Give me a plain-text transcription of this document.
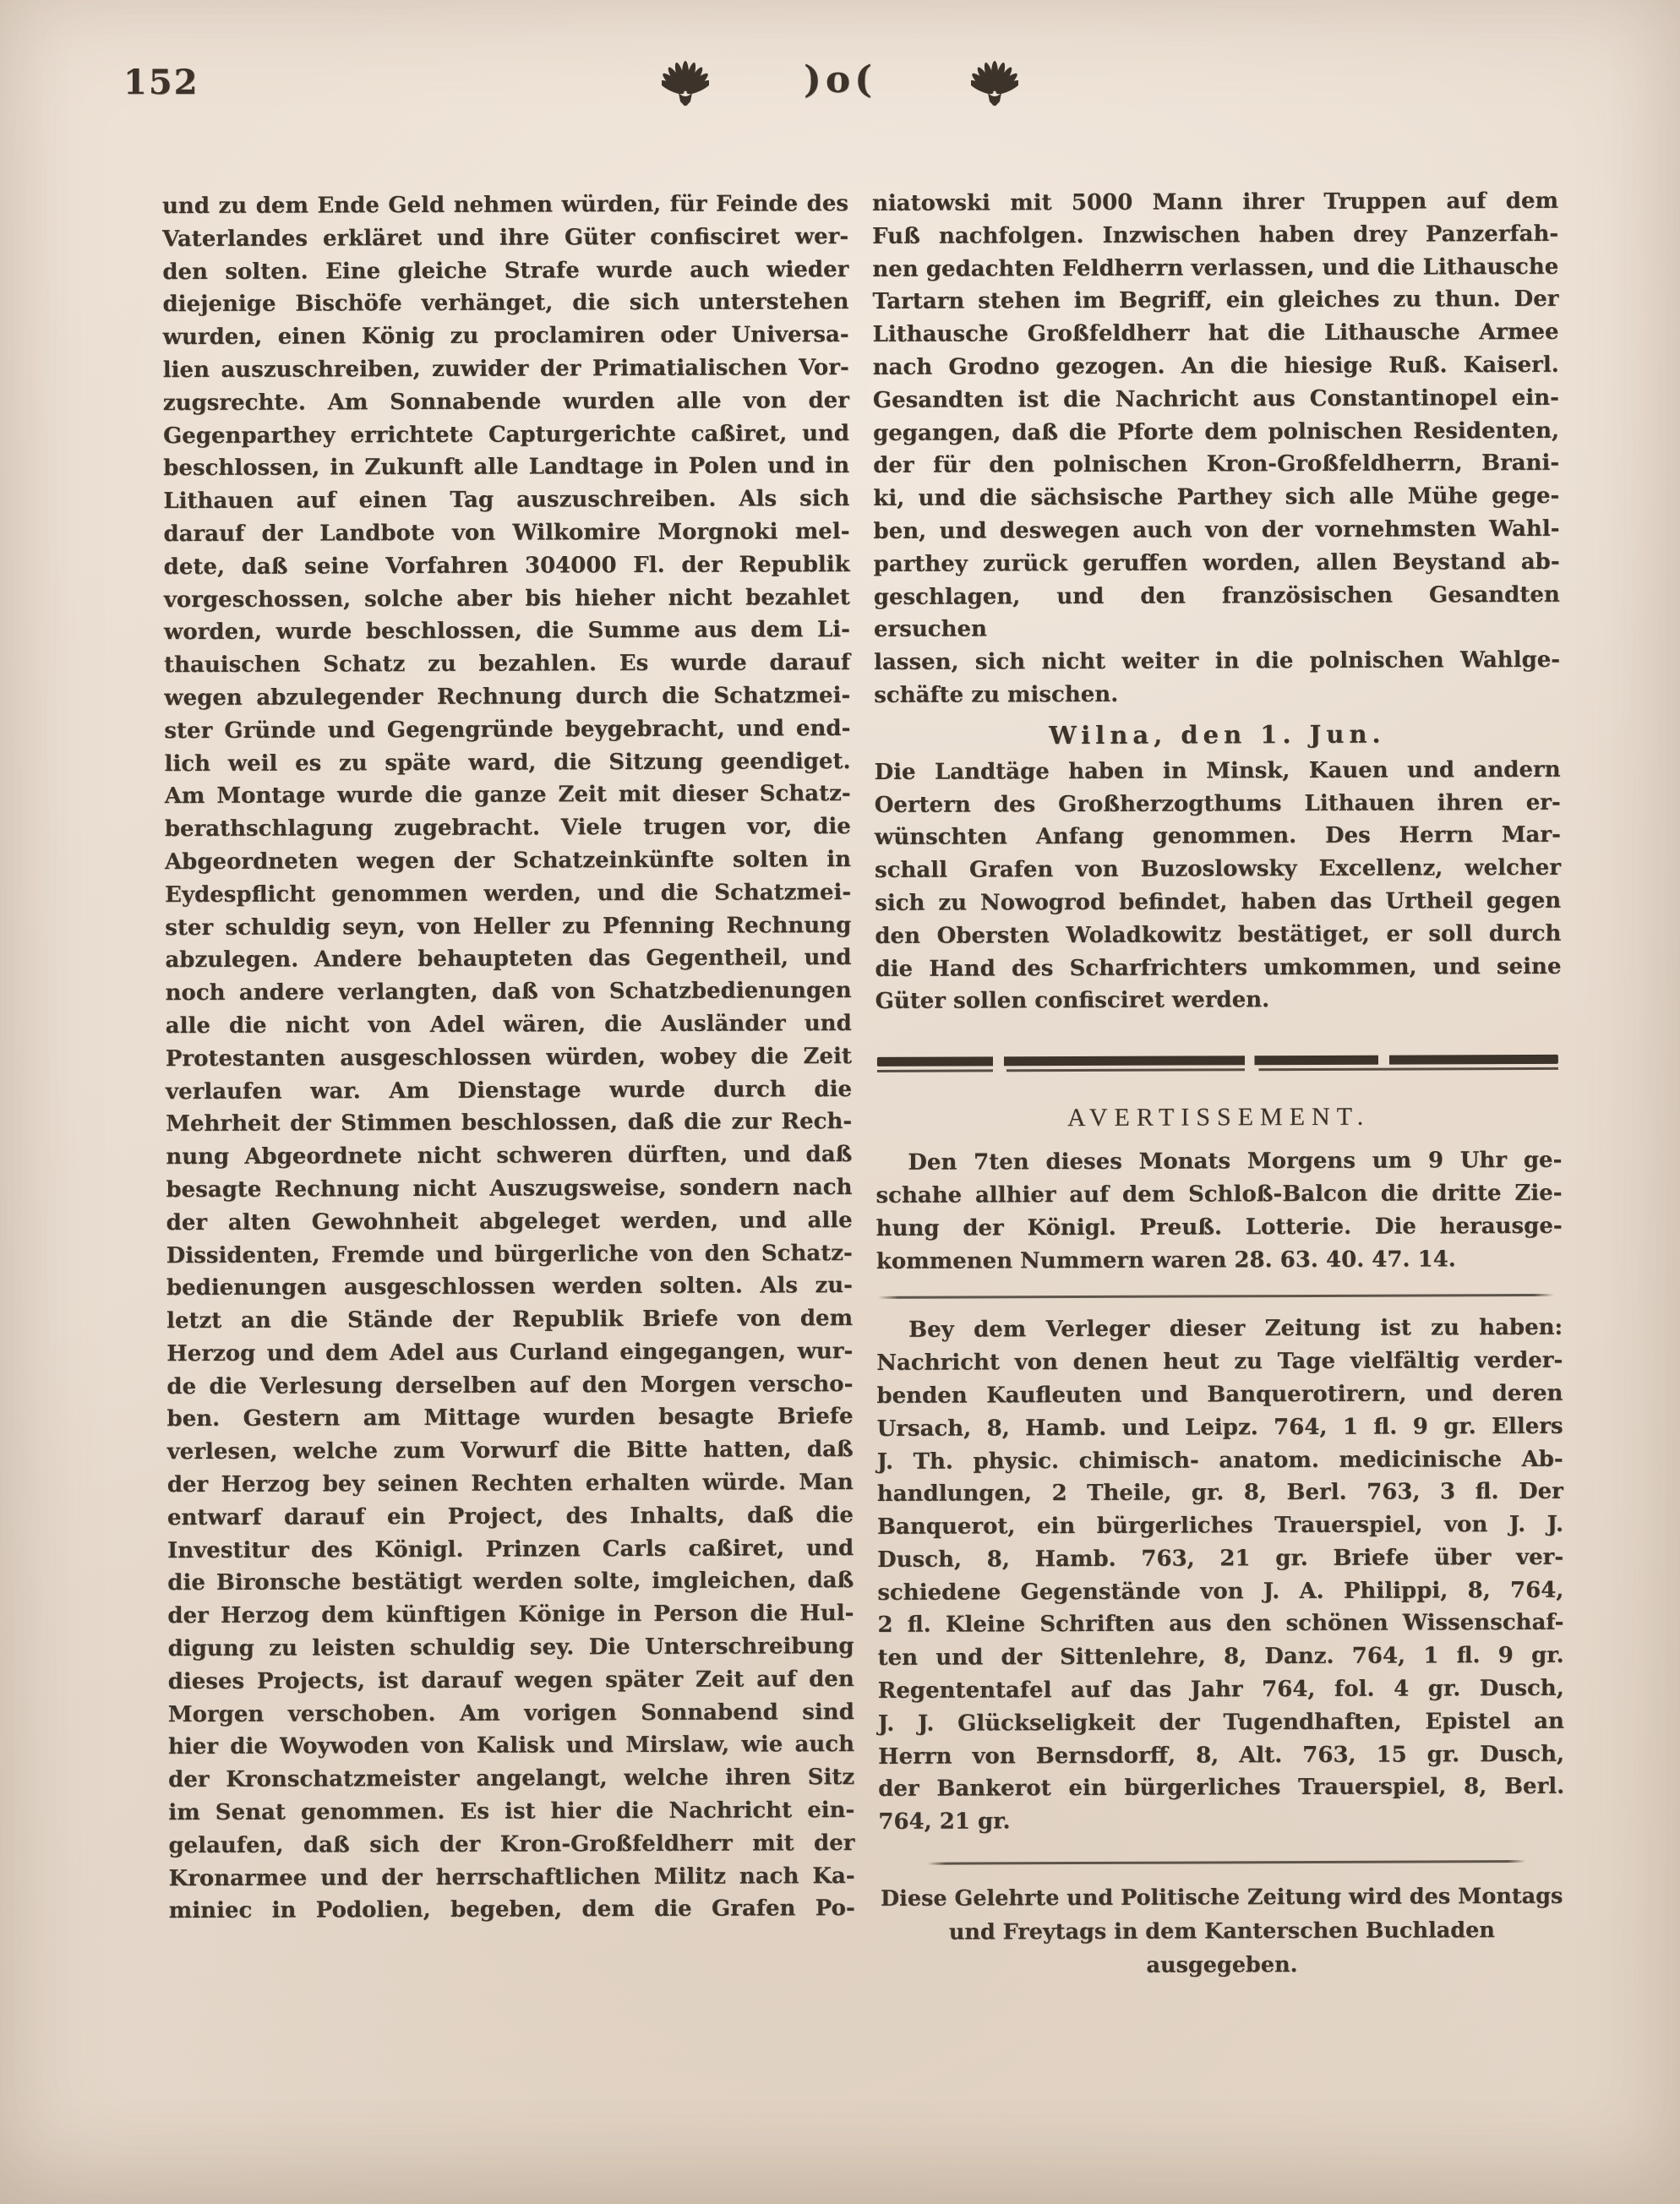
152	)o(
und zu dem Ende Geld nehmen würden, für Feinde des
Vaterlandes erkläret und ihre Güter confisciret wer-
den solten. Eine gleiche Strafe wurde auch wieder
diejenige Bischöfe verhänget, die sich unterstehen
wurden, einen König zu proclamiren oder Universa-
lien auszuschreiben, zuwider der Primatialischen Vor-
zugsrechte. Am Sonnabende wurden alle von der
Gegenparthey errichtete Capturgerichte caßiret, und
beschlossen, in Zukunft alle Landtage in Polen und in
Lithauen auf einen Tag auszuschreiben. Als sich
darauf der Landbote von Wilkomire Morgnoki mel-
dete, daß seine Vorfahren 304000 Fl. der Republik
vorgeschossen, solche aber bis hieher nicht bezahlet
worden, wurde beschlossen, die Summe aus dem Li-
thauischen Schatz zu bezahlen. Es wurde darauf
wegen abzulegender Rechnung durch die Schatzmei-
ster Gründe und Gegengründe beygebracht, und end-
lich weil es zu späte ward, die Sitzung geendiget.
Am Montage wurde die ganze Zeit mit dieser Schatz-
berathschlagung zugebracht. Viele trugen vor, die
Abgeordneten wegen der Schatzeinkünfte solten in
Eydespflicht genommen werden, und die Schatzmei-
ster schuldig seyn, von Heller zu Pfenning Rechnung
abzulegen. Andere behaupteten das Gegentheil, und
noch andere verlangten, daß von Schatzbedienungen
alle die nicht von Adel wären, die Ausländer und
Protestanten ausgeschlossen würden, wobey die Zeit
verlaufen war. Am Dienstage wurde durch die
Mehrheit der Stimmen beschlossen, daß die zur Rech-
nung Abgeordnete nicht schweren dürften, und daß
besagte Rechnung nicht Auszugsweise, sondern nach
der alten Gewohnheit abgeleget werden, und alle
Dissidenten, Fremde und bürgerliche von den Schatz-
bedienungen ausgeschlossen werden solten. Als zu-
letzt an die Stände der Republik Briefe von dem
Herzog und dem Adel aus Curland eingegangen, wur-
de die Verlesung derselben auf den Morgen verscho-
ben. Gestern am Mittage wurden besagte Briefe
verlesen, welche zum Vorwurf die Bitte hatten, daß
der Herzog bey seinen Rechten erhalten würde. Man
entwarf darauf ein Project, des Inhalts, daß die
Investitur des Königl. Prinzen Carls caßiret, und
die Bironsche bestätigt werden solte, imgleichen, daß
der Herzog dem künftigen Könige in Person die Hul-
digung zu leisten schuldig sey. Die Unterschreibung
dieses Projects, ist darauf wegen später Zeit auf den
Morgen verschoben. Am vorigen Sonnabend sind
hier die Woywoden von Kalisk und Mirslaw, wie auch
der Kronschatzmeister angelangt, welche ihren Sitz
im Senat genommen. Es ist hier die Nachricht ein-
gelaufen, daß sich der Kron-Großfeldherr mit der
Kronarmee und der herrschaftlichen Militz nach Ka-
miniec in Podolien, begeben, dem die Grafen Po-
niatowski mit 5000 Mann ihrer Truppen auf dem
Fuß nachfolgen. Inzwischen haben drey Panzerfah-
nen gedachten Feldherrn verlassen, und die Lithausche
Tartarn stehen im Begriff, ein gleiches zu thun. Der
Lithausche Großfeldherr hat die Lithausche Armee
nach Grodno gezogen. An die hiesige Ruß. Kaiserl.
Gesandten ist die Nachricht aus Constantinopel ein-
gegangen, daß die Pforte dem polnischen Residenten,
der für den polnischen Kron-Großfeldherrn, Brani-
ki, und die sächsische Parthey sich alle Mühe gege-
ben, und deswegen auch von der vornehmsten Wahl-
parthey zurück geruffen worden, allen Beystand ab-
geschlagen, und den französischen Gesandten ersuchen
lassen, sich nicht weiter in die polnischen Wahlge-
schäfte zu mischen.
Wilna, den 1. Jun.
Die Landtäge haben in Minsk, Kauen und andern
Oertern des Großherzogthums Lithauen ihren er-
wünschten Anfang genommen. Des Herrn Mar-
schall Grafen von Buzoslowsky Excellenz, welcher
sich zu Nowogrod befindet, haben das Urtheil gegen
den Obersten Woladkowitz bestätiget, er soll durch
die Hand des Scharfrichters umkommen, und seine
Güter sollen confisciret werden.
AVERTISSEMENT.
Den 7ten dieses Monats Morgens um 9 Uhr ge-
schahe allhier auf dem Schloß-Balcon die dritte Zie-
hung der Königl. Preuß. Lotterie. Die herausge-
kommenen Nummern waren 28. 63. 40. 47. 14.
Bey dem Verleger dieser Zeitung ist zu haben:
Nachricht von denen heut zu Tage vielfältig verder-
benden Kaufleuten und Banquerotirern, und deren
Ursach, 8, Hamb. und Leipz. 764, 1 fl. 9 gr. Ellers
J. Th. physic. chimisch- anatom. medicinische Ab-
handlungen, 2 Theile, gr. 8, Berl. 763, 3 fl. Der
Banquerot, ein bürgerliches Trauerspiel, von J. J.
Dusch, 8, Hamb. 763, 21 gr. Briefe über ver-
schiedene Gegenstände von J. A. Philippi, 8, 764,
2 fl. Kleine Schriften aus den schönen Wissenschaf-
ten und der Sittenlehre, 8, Danz. 764, 1 fl. 9 gr.
Regententafel auf das Jahr 764, fol. 4 gr. Dusch,
J. J. Glückseligkeit der Tugendhaften, Epistel an
Herrn von Bernsdorff, 8, Alt. 763, 15 gr. Dusch,
der Bankerot ein bürgerliches Trauerspiel, 8, Berl.
764, 21 gr.
Diese Gelehrte und Politische Zeitung wird des Montags
und Freytags in dem Kanterschen Buchladen
ausgegeben.
